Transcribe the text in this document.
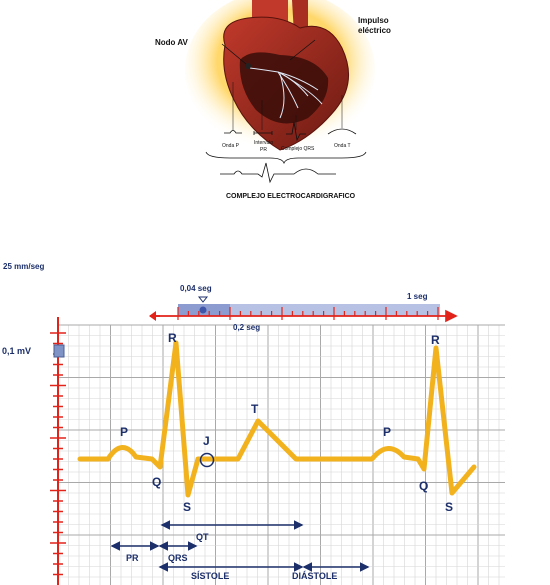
Nodo AV
Impulso
eléctrico
Onda P	Intervalo
PR	Complejo QRS	Onda T
COMPLEJO ELECTROCARDIGRAFICO
0,1 mV
25 mm/seg
0,04 seg
0,2 seg
1 seg
P
Q
R
S
J
T
P
Q
R
S
QT
PR	QRS
SÍSTOLE	DIÁSTOLE
